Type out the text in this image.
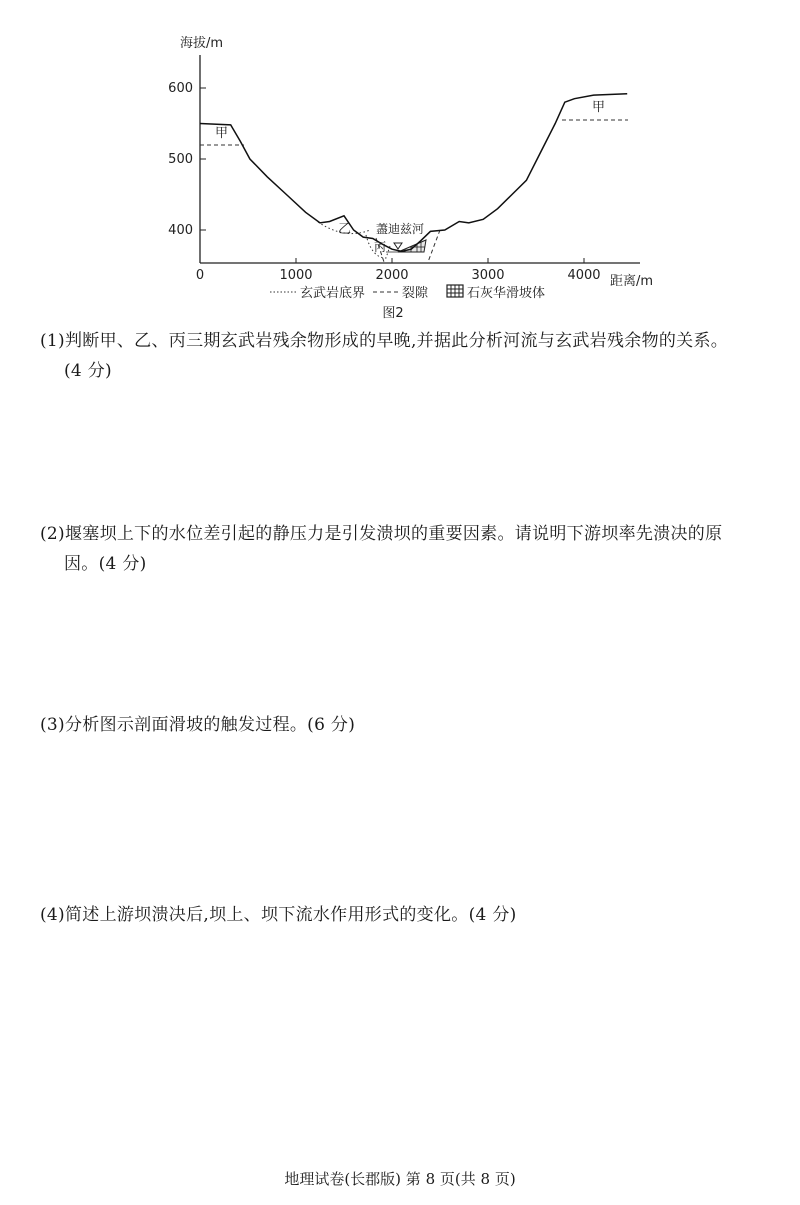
海拔/m
距离/m
600
500
400
0	1000	2000	3000	4000
甲
甲
乙
丙
藎迪兹河
玄武岩底界	裂隙	石灰华滑坡体
图2
(1)判断甲、乙、丙三期玄武岩残余物形成的早晚,并据此分析河流与玄武岩残余物的关系。
(4 分)
(2)堰塞坝上下的水位差引起的静压力是引发溃坝的重要因素。请说明下游坝率先溃决的原
因。(4 分)
(3)分析图示剖面滑坡的触发过程。(6 分)
(4)简述上游坝溃决后,坝上、坝下流水作用形式的变化。(4 分)
地理试卷(长郡版) 第 8 页(共 8 页)
